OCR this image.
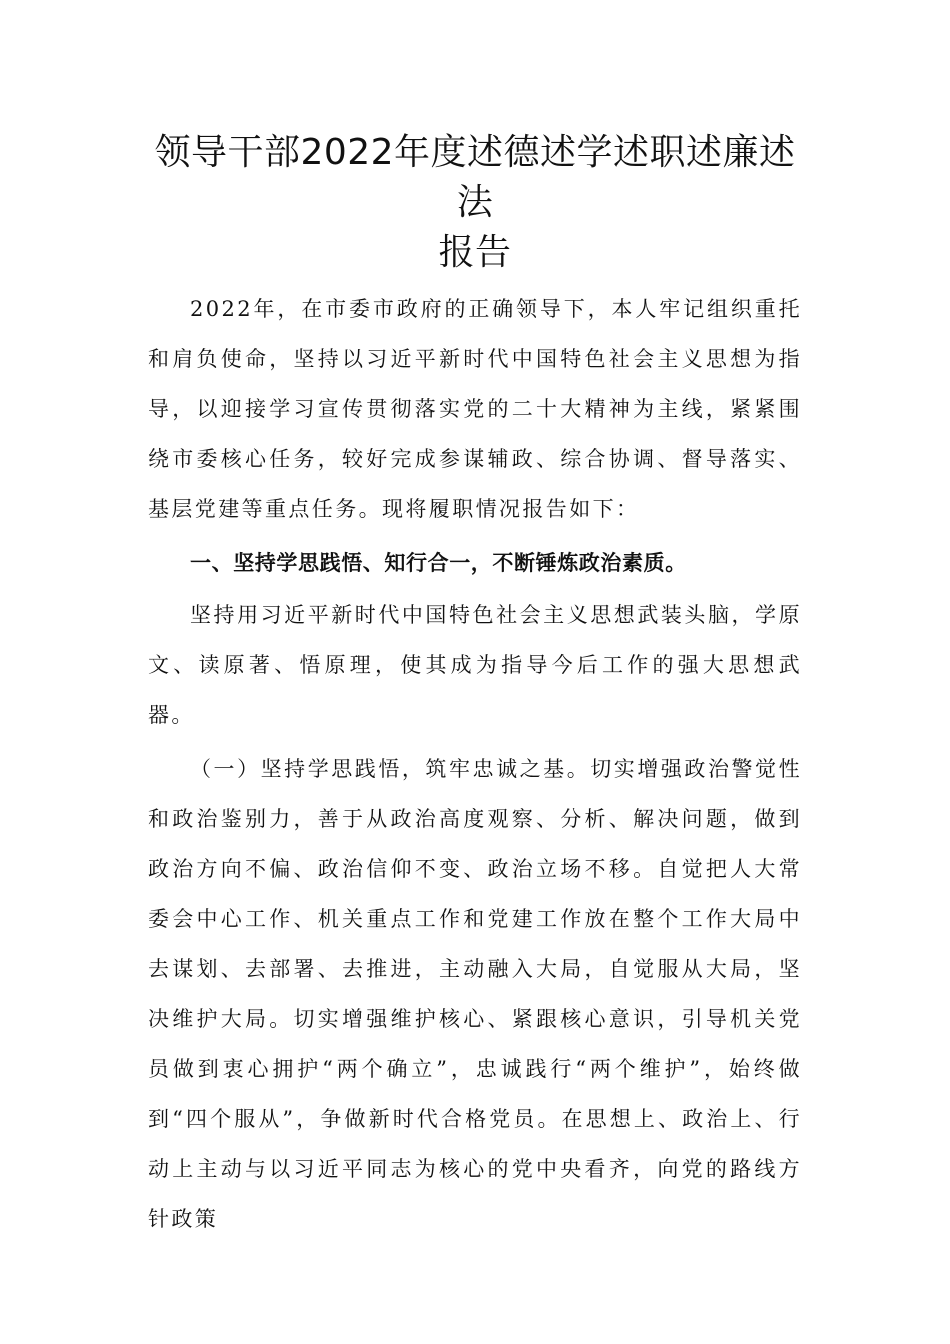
领导干部2022年度述德述学述职述廉述法
报告

2022年，在市委市政府的正确领导下，本人牢记组织重托和肩负使命，坚持以习近平新时代中国特色社会主义思想为指导，以迎接学习宣传贯彻落实党的二十大精神为主线，紧紧围绕市委核心任务，较好完成参谋辅政、综合协调、督导落实、基层党建等重点任务。现将履职情况报告如下：

一、坚持学思践悟、知行合一，不断锤炼政治素质。

坚持用习近平新时代中国特色社会主义思想武装头脑，学原文、读原著、悟原理，使其成为指导今后工作的强大思想武器。

（一）坚持学思践悟，筑牢忠诚之基。切实增强政治警觉性和政治鉴别力，善于从政治高度观察、分析、解决问题，做到政治方向不偏、政治信仰不变、政治立场不移。自觉把人大常委会中心工作、机关重点工作和党建工作放在整个工作大局中去谋划、去部署、去推进，主动融入大局，自觉服从大局，坚决维护大局。切实增强维护核心、紧跟核心意识，引导机关党员做到衷心拥护“两个确立”，忠诚践行“两个维护”，始终做到“四个服从”，争做新时代合格党员。在思想上、政治上、行动上主动与以习近平同志为核心的党中央看齐，向党的路线方针政策
